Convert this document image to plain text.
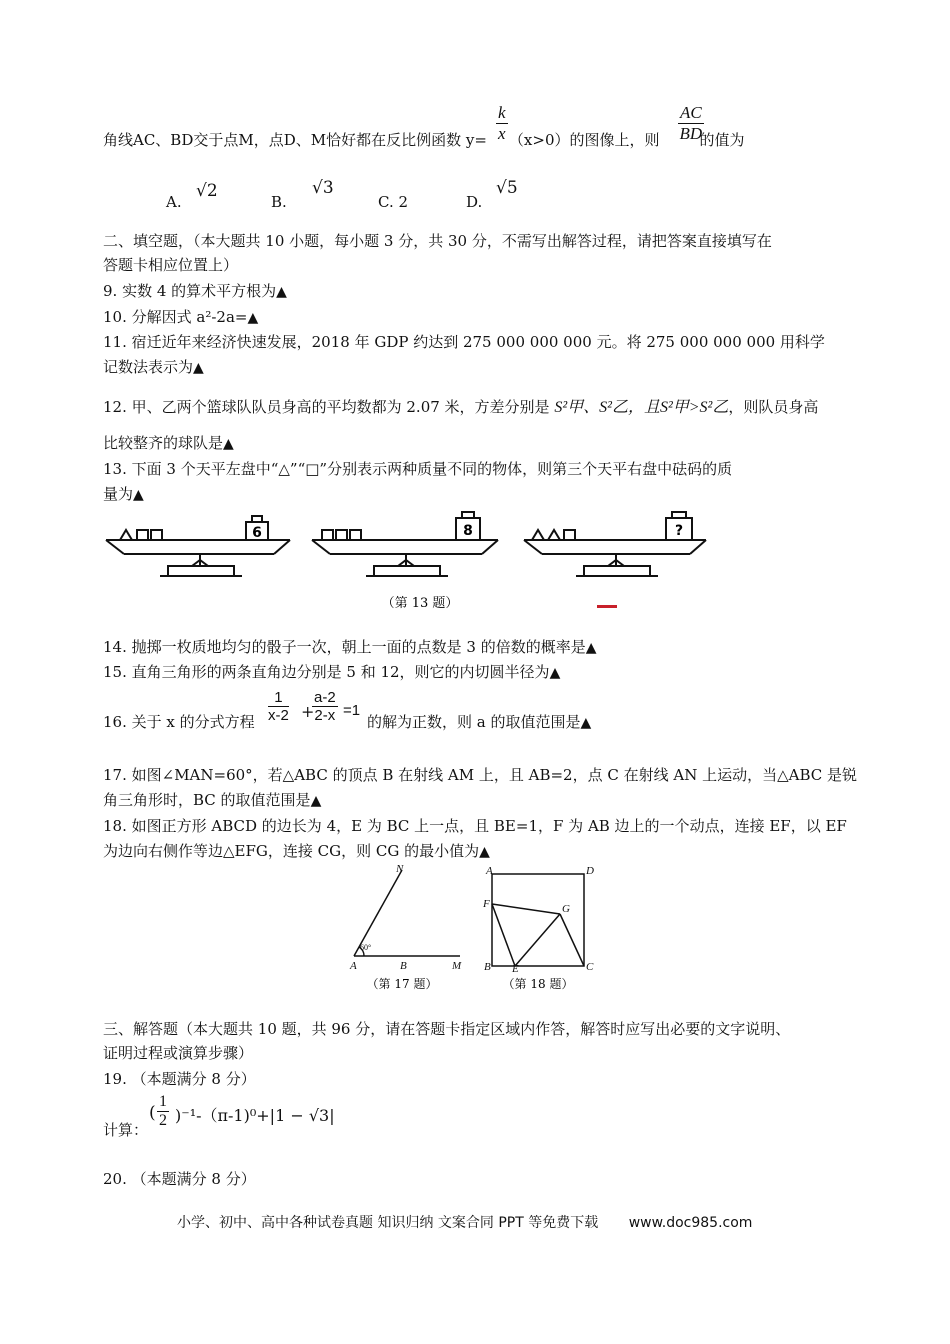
$\frac{k}{x}$	$\frac{AC}{BD}$
角线AC、BD交于点M，点D、M恰好都在反比例函数 y= （x>0）的图像上，则	的值为
A.
√2
B.
√3
C. 2	D.
√5
二、填空题，（本大题共 10 小题，每小题 3 分，共 30 分，不需写出解答过程，请把答案直接填写在
答题卡相应位置上）
9. 实数 4 的算术平方根为▲
10. 分解因式 a²-2a=▲
11. 宿迁近年来经济快速发展，2018 年 GDP 约达到 275 000 000 000 元。将 275 000 000 000 用科学
记数法表示为▲
12. 甲、乙两个篮球队队员身高的平均数都为 2.07 米，方差分别是 S²甲、S²乙，且S²甲>S²乙，则队员身高
比较整齐的球队是▲
13. 下面 3 个天平左盘中“△”“□”分别表示两种质量不同的物体，则第三个天平右盘中砝码的质
量为▲
6	8	?
（第 13 题）
14. 抛掷一枚质地均匀的骰子一次，朝上一面的点数是 3 的倍数的概率是▲
15. 直角三角形的两条直角边分别是 5 和 12，则它的内切圆半径为▲
16. 关于 x 的分式方程 $\frac{1}{x-2}$ +
$\frac{a-2}{2-x} =1$
的解为正数，则 a 的取值范围是▲
17. 如图∠MAN=60°，若△ABC 的顶点 B 在射线 AM 上，且 AB=2，点 C 在射线 AN 上运动，当△ABC 是锐
角三角形时，BC 的取值范围是▲
18. 如图正方形 ABCD 的边长为 4，E 为 BC 上一点，且 BE=1，F 为 AB 边上的一个动点，连接 EF，以 EF
为边向右侧作等边△EFG，连接 CG，则 CG 的最小值为▲
N
A	B	M
60°
A	D
F	G
B E	C
（第 17 题）	（第 18 题）
三、解答题（本大题共 10 题，共 96 分，请在答题卡指定区域内作答，解答时应写出必要的文字说明、
证明过程或演算步骤）
19. （本题满分 8 分）
计算：
( $\frac{1}{2} )^{-1}-(\pi-1)^0+|1 - √3|$
20. （本题满分 8 分）
小学、初中、高中各种试卷真题 知识归纳 文案合同 PPT 等免费下载 www.doc985.com
